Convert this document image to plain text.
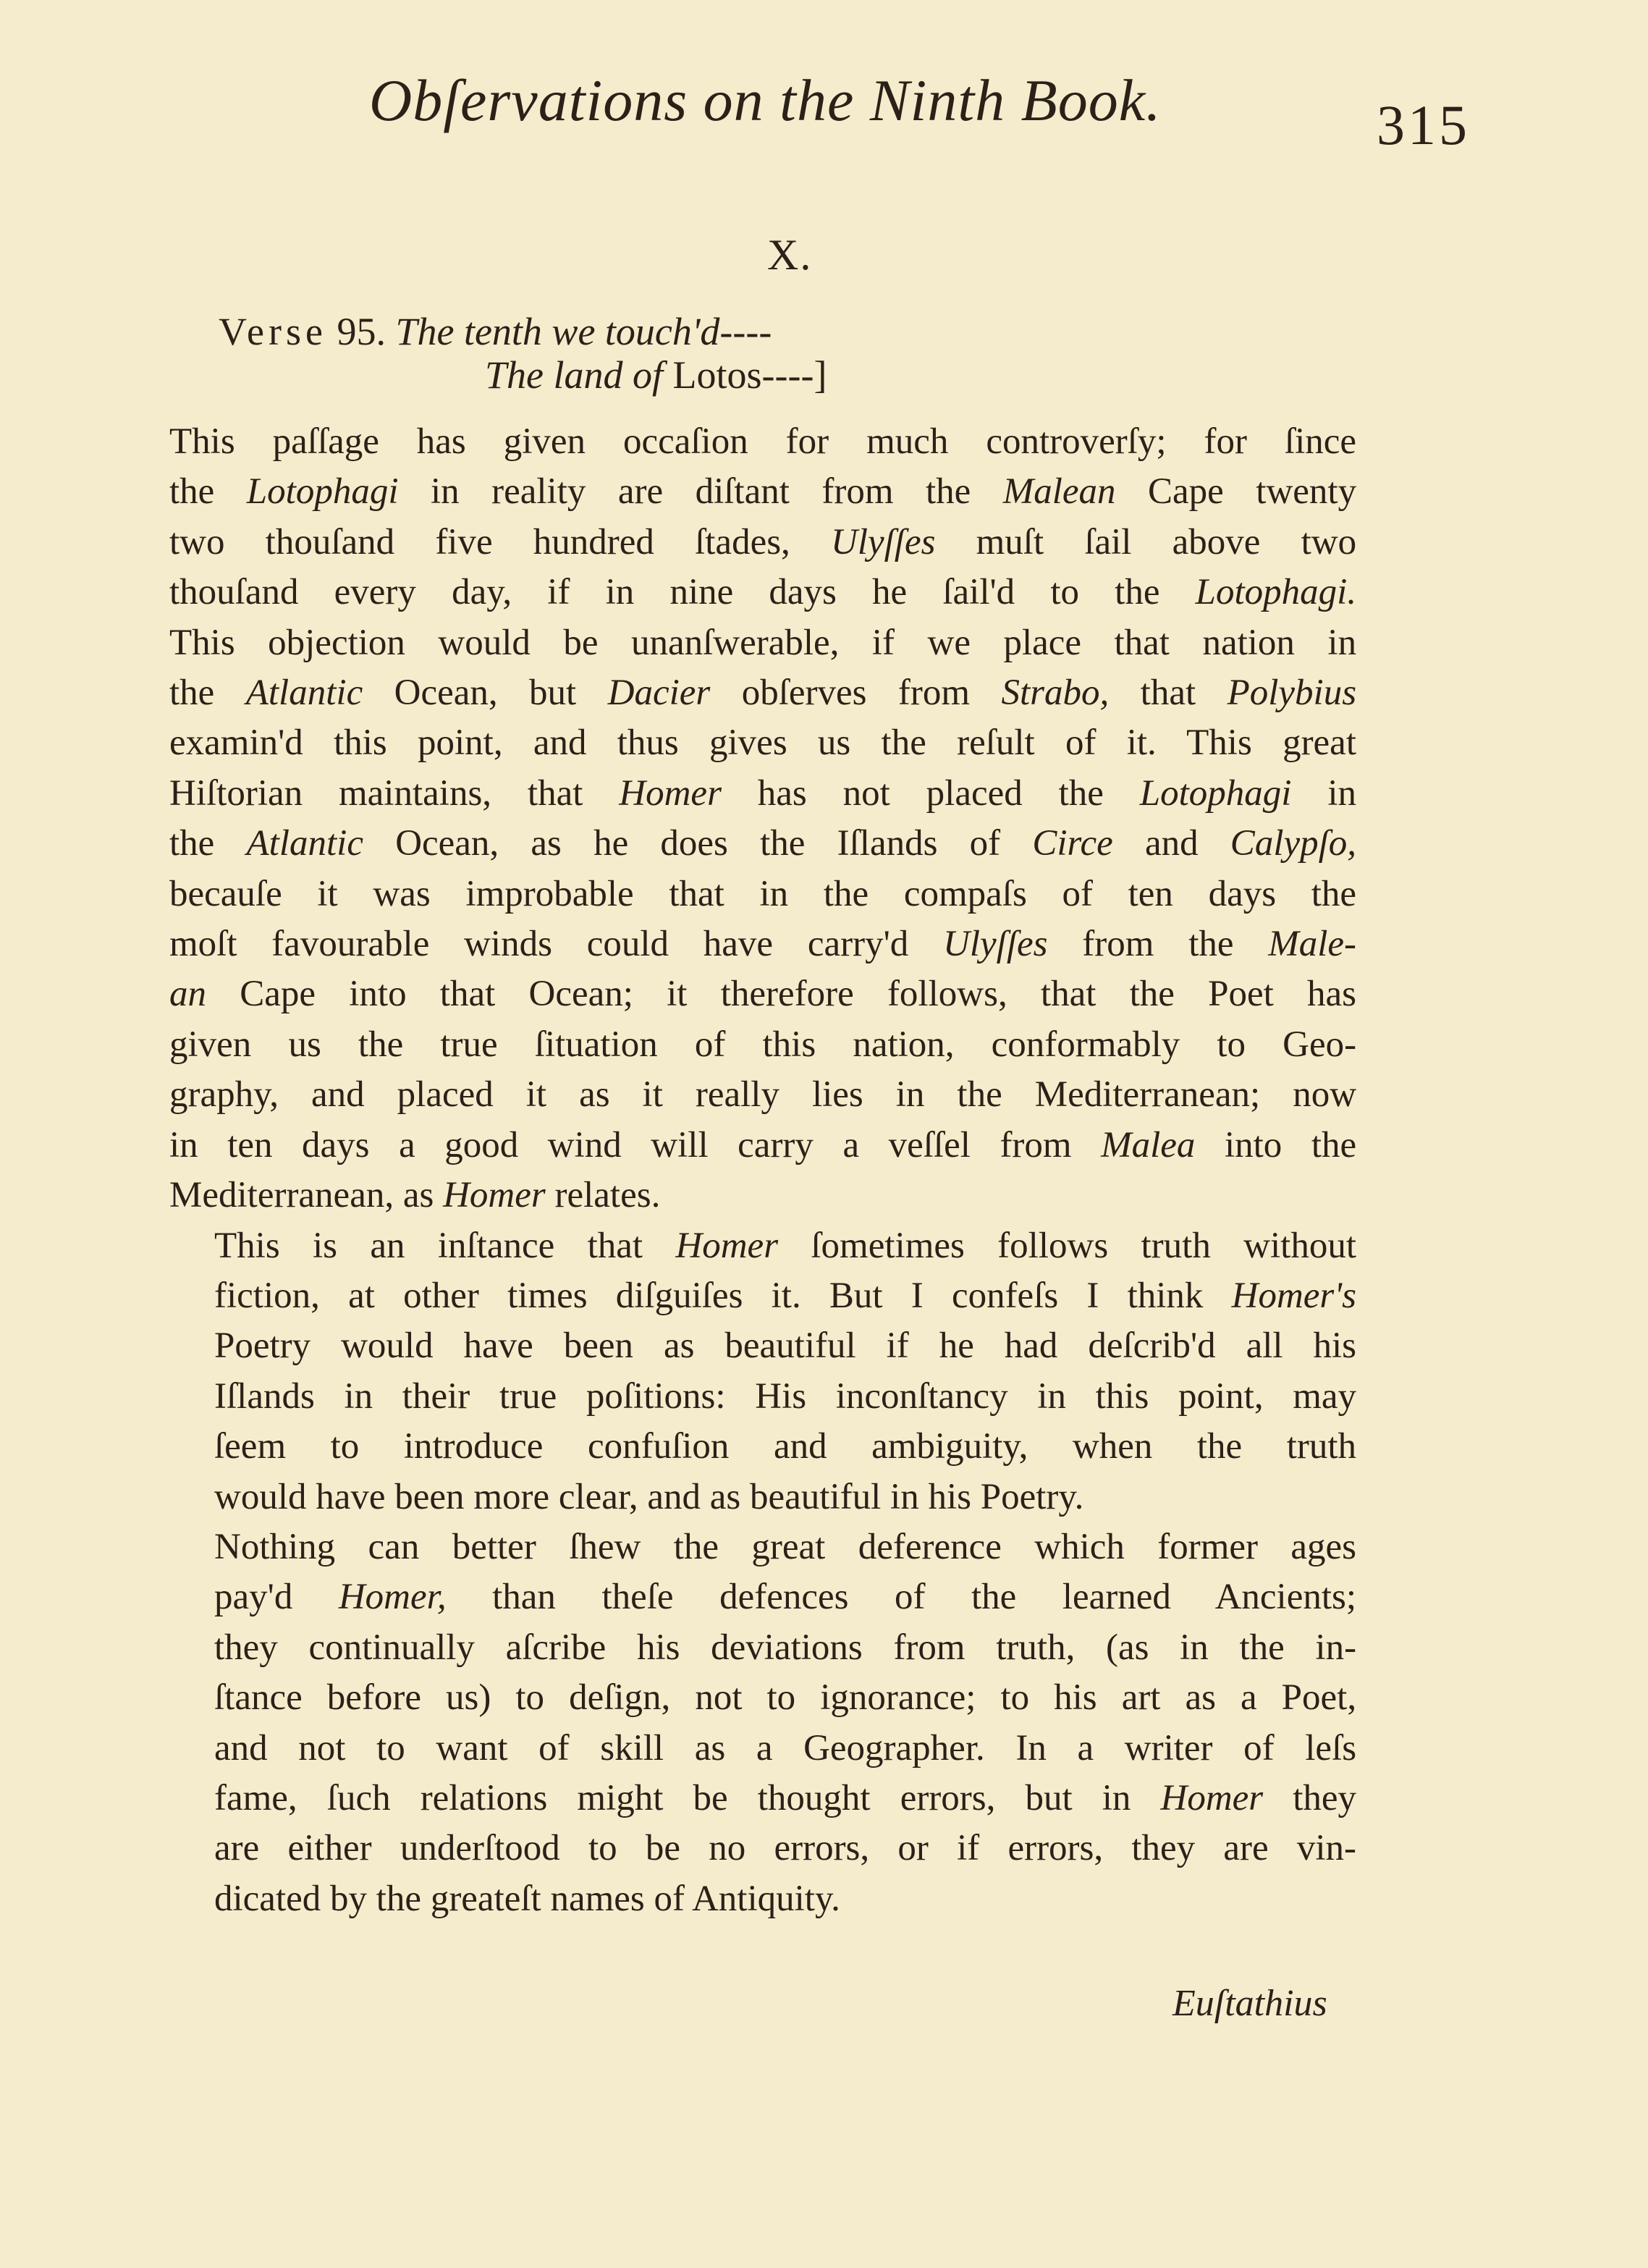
Obſervations on the Ninth Book.	315
X.
Verse 95. The tenth we touch'd----
The land of Lotos----]

This paſſage has given occaſion for much controverſy; for ſince
the Lotophagi in reality are diſtant from the Malean Cape twenty
two thouſand five hundred ſtades, Ulyſſes muſt ſail above two
thouſand every day, if in nine days he ſail'd to the Lotophagi.
This objection would be unanſwerable, if we place that nation in
the Atlantic Ocean, but Dacier obſerves from Strabo, that Polybius
examin'd this point, and thus gives us the reſult of it. This great
Hiſtorian maintains, that Homer has not placed the Lotophagi in
the Atlantic Ocean, as he does the Iſlands of Circe and Calypſo,
becauſe it was improbable that in the compaſs of ten days the
moſt favourable winds could have carry'd Ulyſſes from the Male-
an Cape into that Ocean; it therefore follows, that the Poet has
given us the true ſituation of this nation, conformably to Geo-
graphy, and placed it as it really lies in the Mediterranean; now
in ten days a good wind will carry a veſſel from Malea into the
Mediterranean, as Homer relates.

This is an inſtance that Homer ſometimes follows truth without
fiction, at other times diſguiſes it. But I confeſs I think Homer's
Poetry would have been as beautiful if he had deſcrib'd all his
Iſlands in their true poſitions: His inconſtancy in this point, may
ſeem to introduce confuſion and ambiguity, when the truth
would have been more clear, and as beautiful in his Poetry.

Nothing can better ſhew the great deference which former ages
pay'd Homer, than theſe defences of the learned Ancients;
they continually aſcribe his deviations from truth, (as in the in-
ſtance before us) to deſign, not to ignorance; to his art as a Poet,
and not to want of skill as a Geographer. In a writer of leſs
fame, ſuch relations might be thought errors, but in Homer they
are either underſtood to be no errors, or if errors, they are vin-
dicated by the greateſt names of Antiquity.

Euſtathius
